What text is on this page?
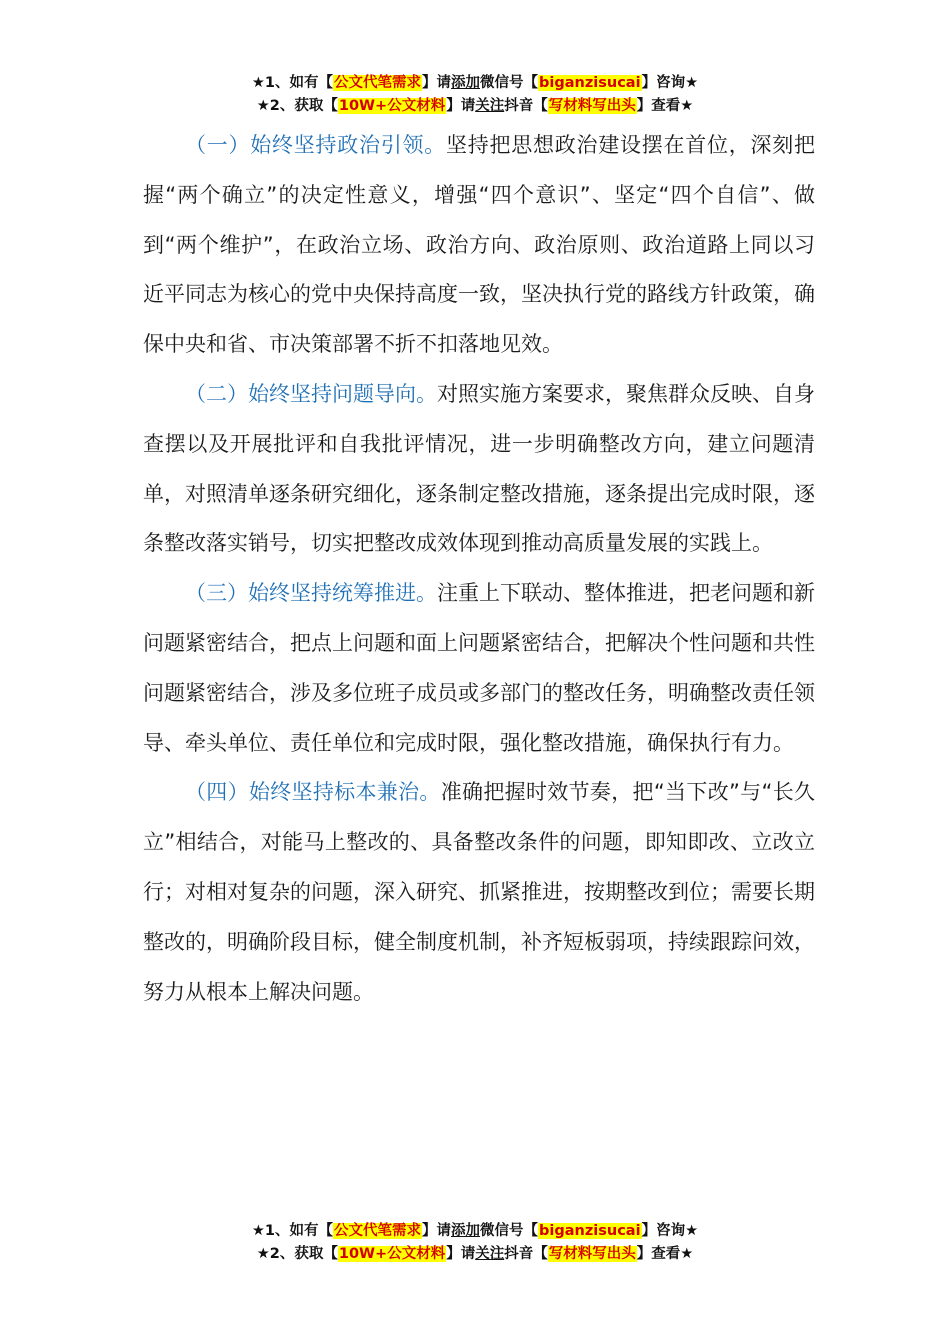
★1、如有【公文代笔需求】请添加微信号【biganzisucai】咨询★
★2、获取【10W+公文材料】请关注抖音【写材料写出头】查看★

（一）始终坚持政治引领。坚持把思想政治建设摆在首位，深刻把握“两个确立”的决定性意义，增强“四个意识”、坚定“四个自信”、做到“两个维护”，在政治立场、政治方向、政治原则、政治道路上同以习近平同志为核心的党中央保持高度一致，坚决执行党的路线方针政策，确保中央和省、市决策部署不折不扣落地见效。

（二）始终坚持问题导向。对照实施方案要求，聚焦群众反映、自身查摆以及开展批评和自我批评情况，进一步明确整改方向，建立问题清单，对照清单逐条研究细化，逐条制定整改措施，逐条提出完成时限，逐条整改落实销号，切实把整改成效体现到推动高质量发展的实践上。

（三）始终坚持统筹推进。注重上下联动、整体推进，把老问题和新问题紧密结合，把点上问题和面上问题紧密结合，把解决个性问题和共性问题紧密结合，涉及多位班子成员或多部门的整改任务，明确整改责任领导、牵头单位、责任单位和完成时限，强化整改措施，确保执行有力。

（四）始终坚持标本兼治。准确把握时效节奏，把“当下改”与“长久立”相结合，对能马上整改的、具备整改条件的问题，即知即改、立改立行；对相对复杂的问题，深入研究、抓紧推进，按期整改到位；需要长期整改的，明确阶段目标，健全制度机制，补齐短板弱项，持续跟踪问效，努力从根本上解决问题。

★1、如有【公文代笔需求】请添加微信号【biganzisucai】咨询★
★2、获取【10W+公文材料】请关注抖音【写材料写出头】查看★
